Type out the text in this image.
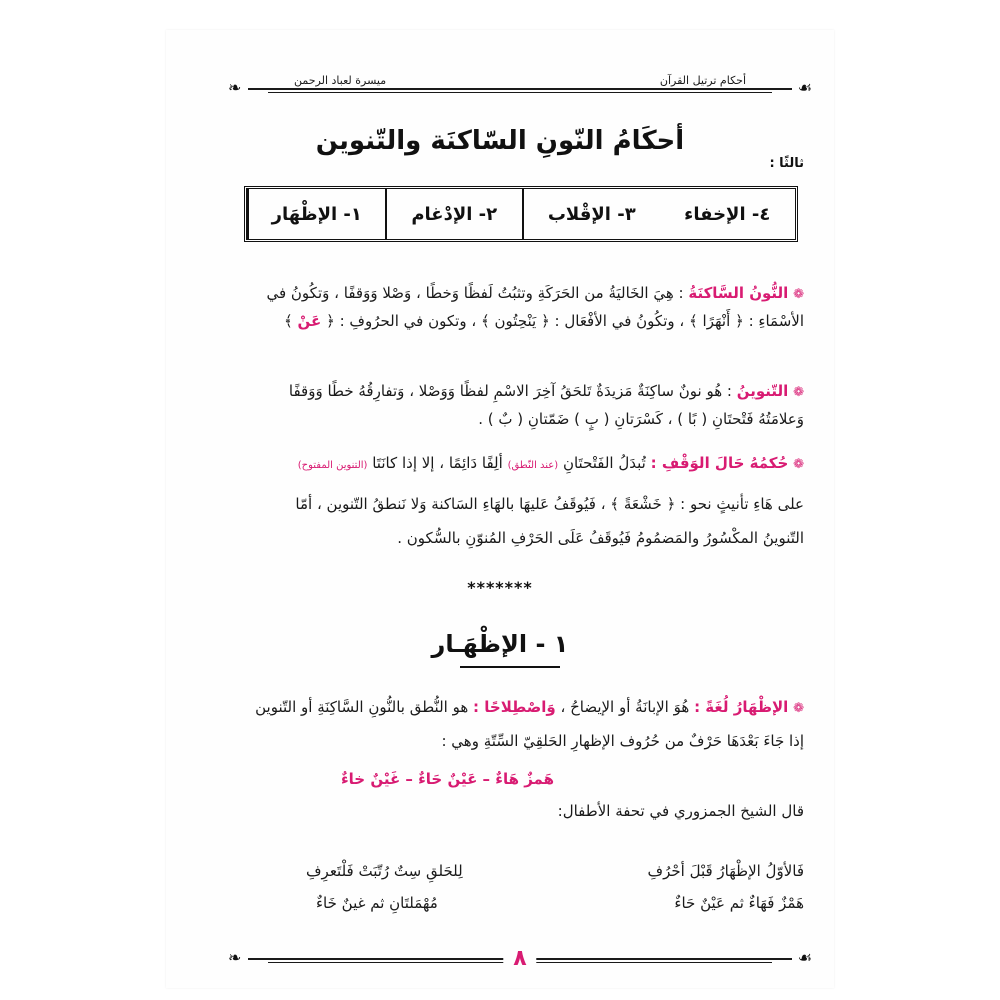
❧	☙
ميسرة لعباد الرحمن	أحكام ترتيل القرآن
أحكَامُ النّونِ السّاكنَة والتّنوين
ثالثًا :
١- الإظْهَار	٢- الإدْغام	٣- الإقْلاب	٤- الإخفاء
❁ النُّونُ السَّاكنَةُ : هِيَ الخَاليَةُ من الحَرَكَةِ وتثبُتُ لَفظًا وَخطًا ، وَصْلا وَوَقفًا ، وَتكُونُ في
الأسْمَاءِ : ﴿ أَنْهَرًا ﴾ ، وتكُونُ في الأفْعَال : ﴿ يَنْحِتُون ﴾ ، وتكون في الحرُوفِ : ﴿ عَنْ ﴾
❁ التّنوينُ : هُو نونٌ ساكِنَةٌ مَزيدَةٌ تَلحَقُ آخِرَ الاسْمِ لفظًا وَوَصْلا ، وَتفارِقُهُ خطًا وَوَقفًا
وَعلامَتُهُ فَتْحتَانِ ( بًا ) ، كَسْرَتانِ ( بٍ ) ضَمّتانِ ( بٌ ) .
❁ حُكمُهُ حَالَ الوَقْفِ : تُبدَلُ الفَتْحتَانِ (عند النّطق) ألِفًا دَائِمًا ، إلا إذا كانَتَا (التنوين المفتوح)
على هَاءِ تأنيثٍ نحو : ﴿ خَشْعَةً ﴾ ، فَيُوقَفُ عَليهَا بالهَاءِ السَاكنة وَلا نَنطقُ التّنوين ، أمّا
التّنوينُ المكْسُورُ والمَضمُومُ فَيُوقَفُ عَلَى الحَرْفِ المُنوّنِ بالسُّكون .
*******
١ - الإظْهَـار
❁ الإظْهَارُ لُغَةً : هُوَ الإبانَةُ أو الإيضاحُ ، وَاصْطِلاحًا : هو النُّطق بالنُّونِ السَّاكِنَةِ أو التّنوين
إذا جَاءَ بَعْدَهَا حَرْفٌ من حُرُوف الإظهارِ الحَلقِيّ السِّتّةِ وهي :
هَمزٌ هَاءٌ – عَيْنٌ حَاءٌ – غَيْنٌ خاءٌ
قال الشيخ الجمزوري في تحفة الأطفال:
فَالأوّلُ الإظْهَارُ قَبْلَ أحْرُفِ
لِلحَلقِ سِتٌ رُتّبَتْ فَلْتَعرِفِ
هَمْزٌ فَهَاءٌ ثم عَيْنٌ حَاءٌ
مُهْمَلتَانِ ثم غينٌ خَاءٌ
❧	☙
٨
